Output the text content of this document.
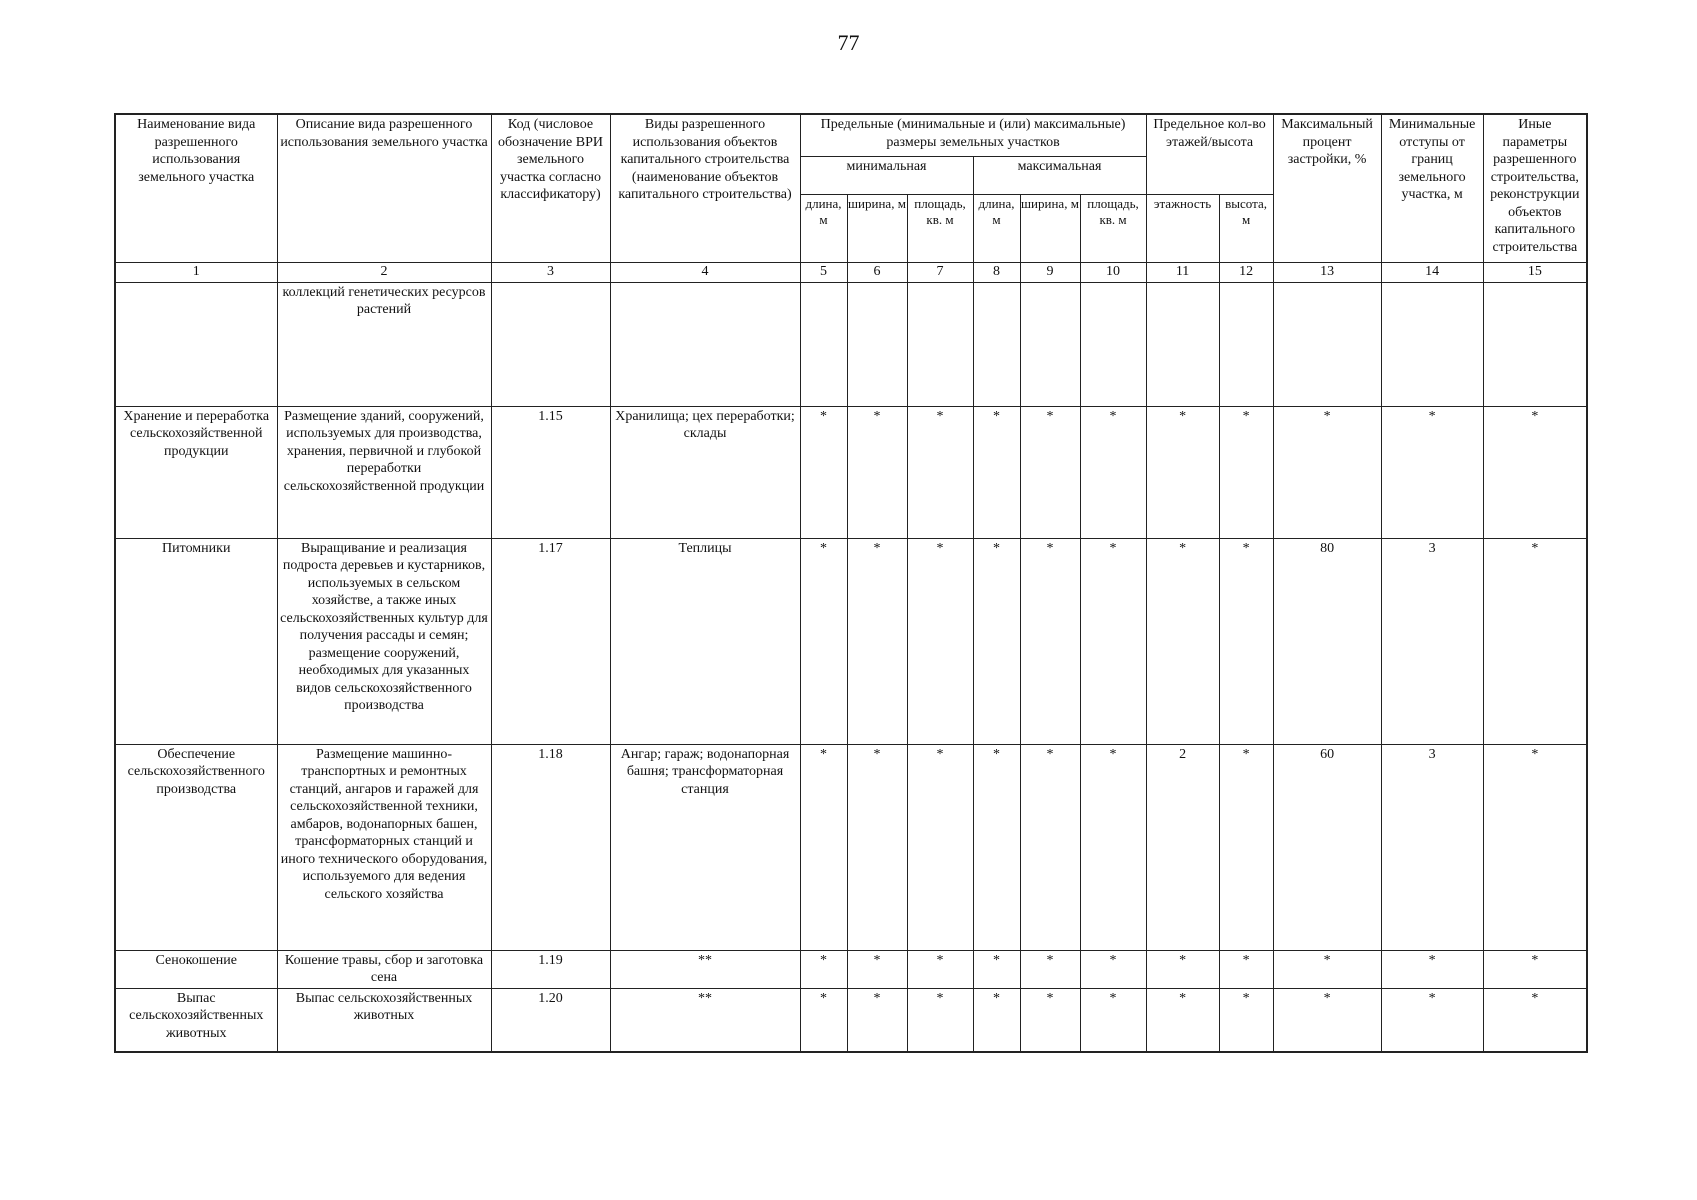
77
Наименование вида разрешенного использования земельного участка	Описание вида разрешенного использования земельного участка	Код (числовое обозначение ВРИ земельного участка согласно классификатору)	Виды разрешенного использования объектов капитального строительства (наименование объектов капитального строительства)	Предельные (минимальные и (или) максимальные) размеры земельных участков						Предельное кол-во этажей/высота		Максимальный процент застройки, %	Минимальные отступы от границ земельного участка, м	Иные параметры разрешенного строительства, реконструкции объектов капитального строительства
				минимальная			максимальная							
				длина, м	ширина, м	площадь, кв. м	длина, м	ширина, м	площадь, кв. м	этажность	высота, м			
1	2	3	4	5	6	7	8	9	10	11	12	13	14	15
	коллекций генетических ресурсов растений													
Хранение и переработка сельскохозяйственной продукции	Размещение зданий, сооружений, используемых для производства, хранения, первичной и глубокой переработки сельскохозяйственной продукции	1.15	Хранилища; цех переработки; склады	*	*	*	*	*	*	*	*	*	*	*
Питомники	Выращивание и реализация подроста деревьев и кустарников, используемых в сельском хозяйстве, а также иных сельскохозяйственных культур для получения рассады и семян; размещение сооружений, необходимых для указанных видов сельскохозяйственного производства	1.17	Теплицы	*	*	*	*	*	*	*	*	80	3	*
Обеспечение сельскохозяйственного производства	Размещение машинно-транспортных и ремонтных станций, ангаров и гаражей для сельскохозяйственной техники, амбаров, водонапорных башен, трансформаторных станций и иного технического оборудования, используемого для ведения сельского хозяйства	1.18	Ангар; гараж; водонапорная башня; трансформаторная станция	*	*	*	*	*	*	2	*	60	3	*
Сенокошение	Кошение травы, сбор и заготовка сена	1.19	**	*	*	*	*	*	*	*	*	*	*	*
Выпас сельскохозяйственных животных	Выпас сельскохозяйственных животных	1.20	**	*	*	*	*	*	*	*	*	*	*	*
